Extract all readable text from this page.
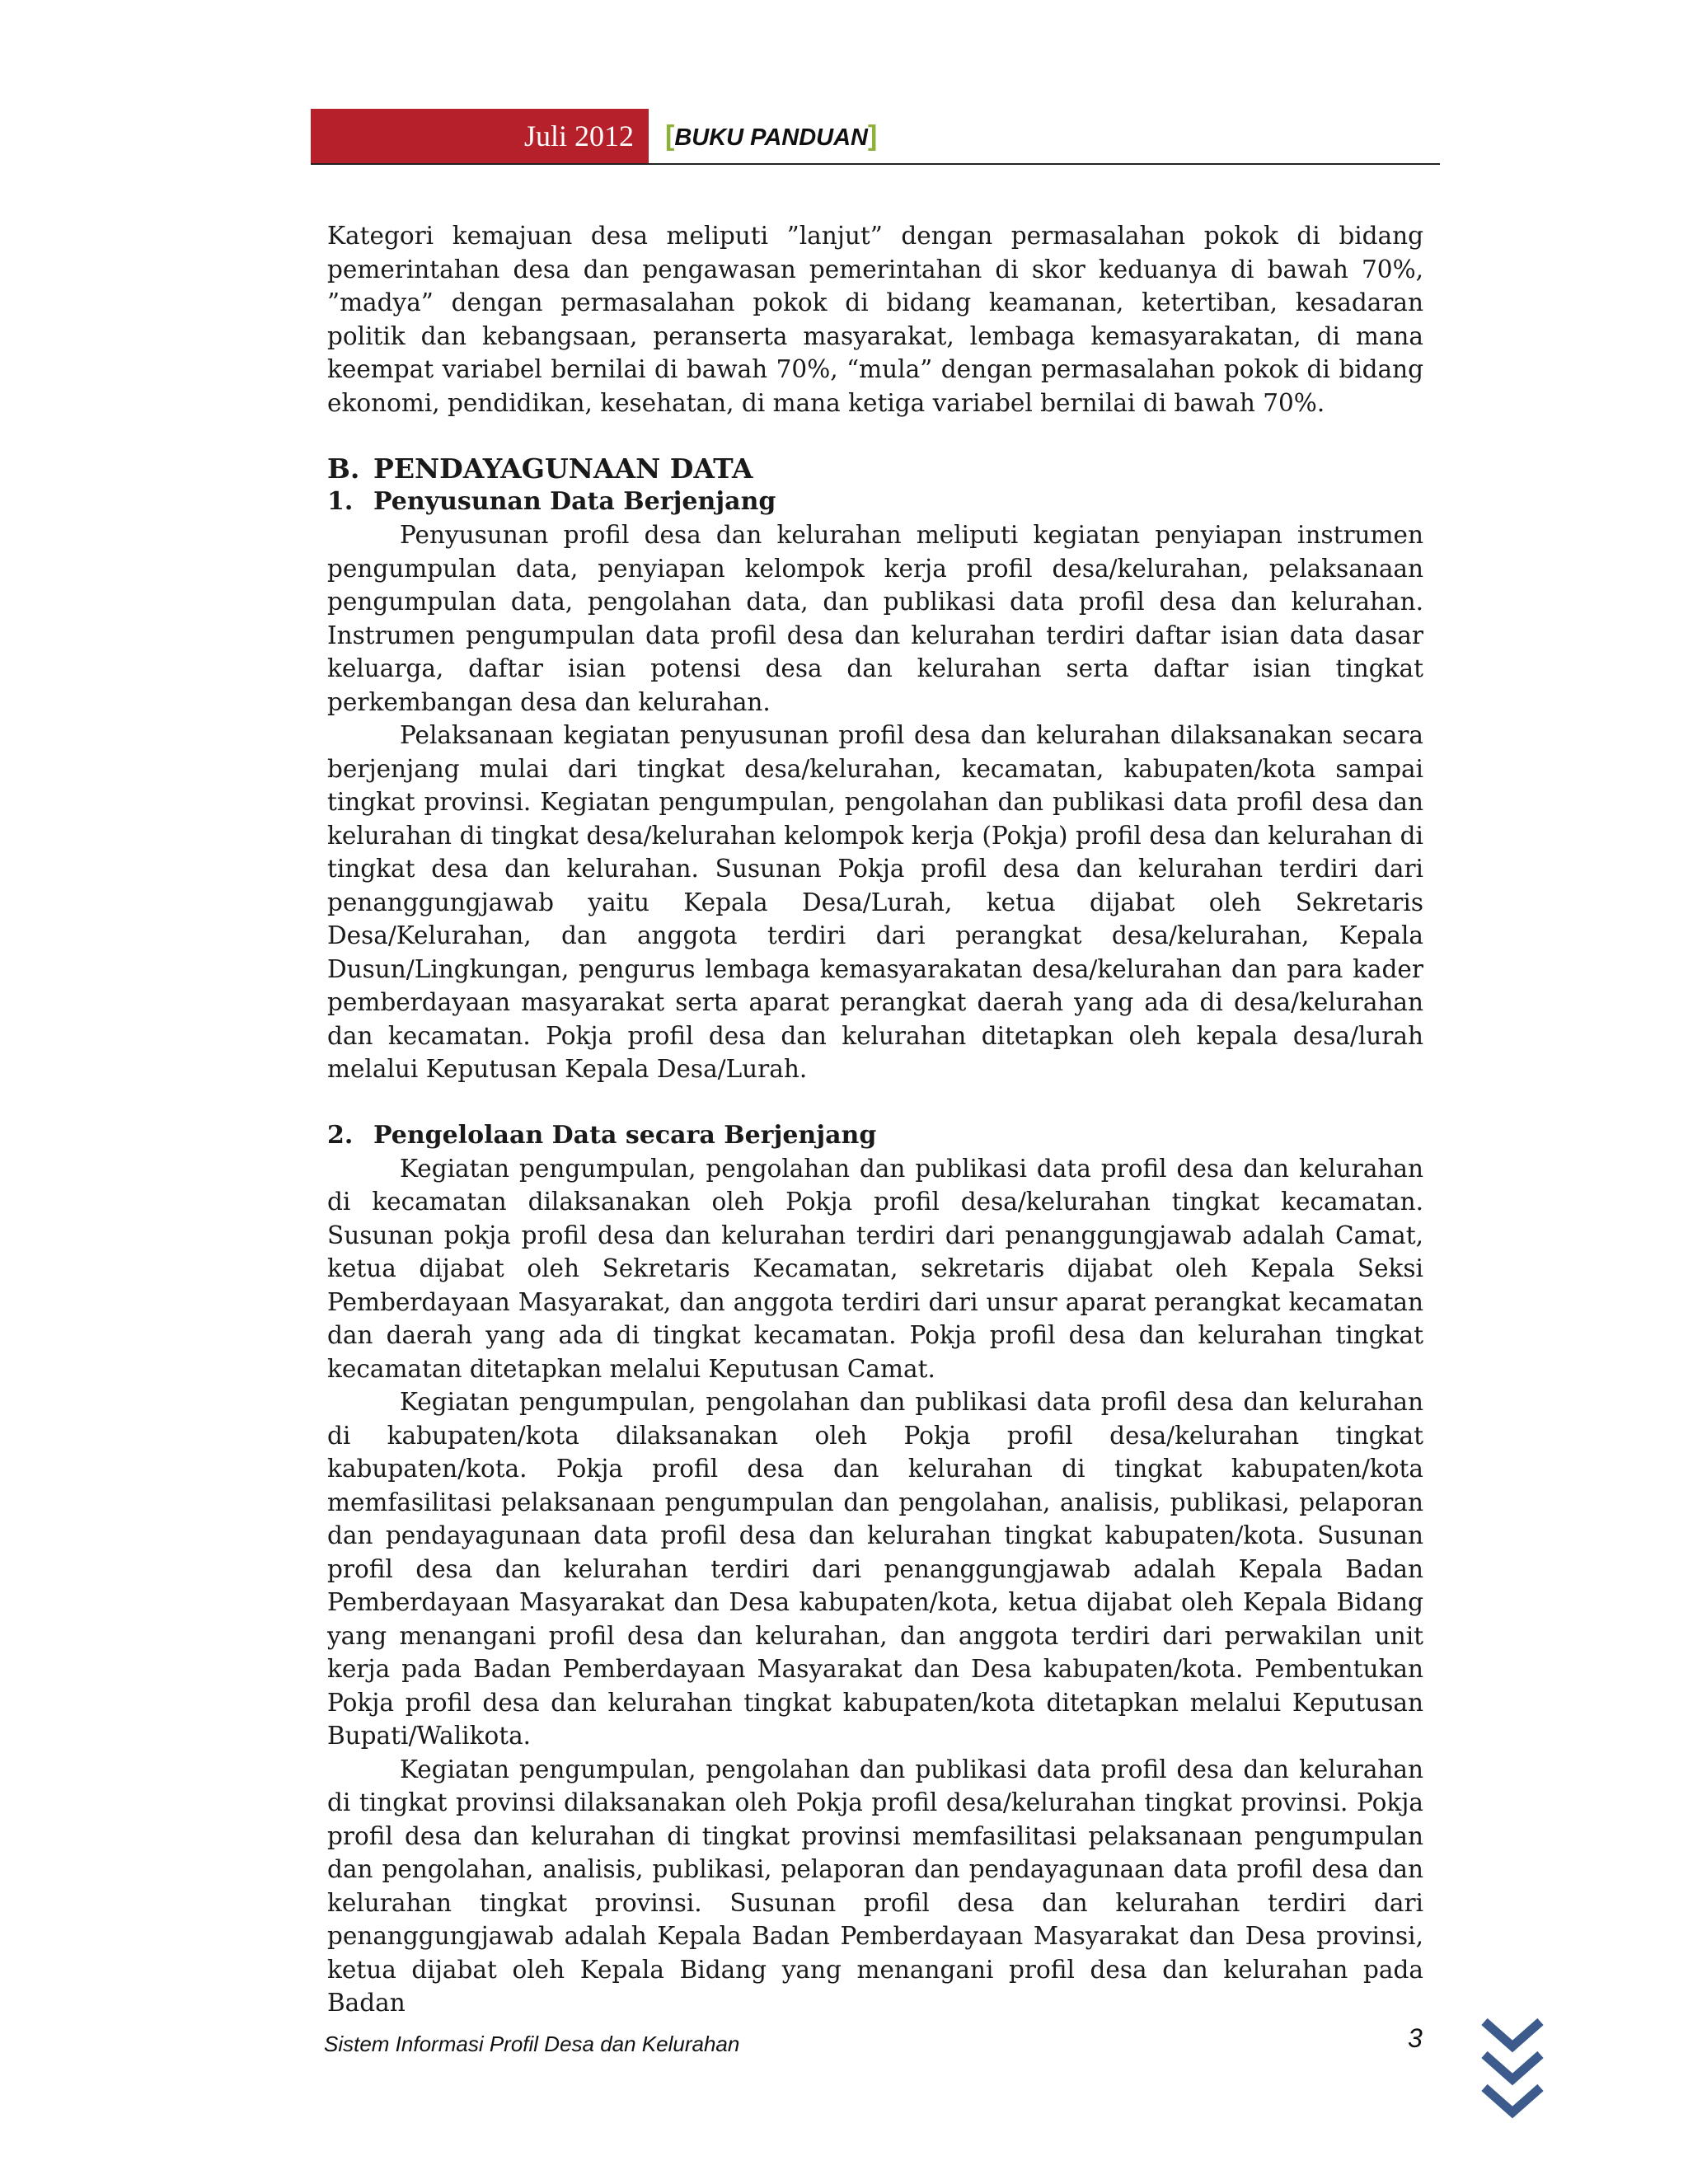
Juli 2012	[BUKU PANDUAN]

Kategori kemajuan desa meliputi ”lanjut” dengan permasalahan pokok di bidang pemerintahan desa dan pengawasan pemerintahan di skor keduanya di bawah 70%, ”madya” dengan permasalahan pokok di bidang keamanan, ketertiban, kesadaran politik dan kebangsaan, peranserta masyarakat, lembaga kemasyarakatan, di mana keempat variabel bernilai di bawah 70%, “mula” dengan permasalahan pokok di bidang ekonomi, pendidikan, kesehatan, di mana ketiga variabel bernilai di bawah 70%.

B. PENDAYAGUNAAN DATA
1. Penyusunan Data Berjenjang

Penyusunan profil desa dan kelurahan meliputi kegiatan penyiapan instrumen pengumpulan data, penyiapan kelompok kerja profil desa/kelurahan, pelaksanaan pengumpulan data, pengolahan data, dan publikasi data profil desa dan kelurahan. Instrumen pengumpulan data profil desa dan kelurahan terdiri daftar isian data dasar keluarga, daftar isian potensi desa dan kelurahan serta daftar isian tingkat perkembangan desa dan kelurahan.

Pelaksanaan kegiatan penyusunan profil desa dan kelurahan dilaksanakan secara berjenjang mulai dari tingkat desa/kelurahan, kecamatan, kabupaten/kota sampai tingkat provinsi. Kegiatan pengumpulan, pengolahan dan publikasi data profil desa dan kelurahan di tingkat desa/kelurahan kelompok kerja (Pokja) profil desa dan kelurahan di tingkat desa dan kelurahan. Susunan Pokja profil desa dan kelurahan terdiri dari penanggungjawab yaitu Kepala Desa/Lurah, ketua dijabat oleh Sekretaris Desa/Kelurahan, dan anggota terdiri dari perangkat desa/kelurahan, Kepala Dusun/Lingkungan, pengurus lembaga kemasyarakatan desa/kelurahan dan para kader pemberdayaan masyarakat serta aparat perangkat daerah yang ada di desa/kelurahan dan kecamatan. Pokja profil desa dan kelurahan ditetapkan oleh kepala desa/lurah melalui Keputusan Kepala Desa/Lurah.

2. Pengelolaan Data secara Berjenjang

Kegiatan pengumpulan, pengolahan dan publikasi data profil desa dan kelurahan di kecamatan dilaksanakan oleh Pokja profil desa/kelurahan tingkat kecamatan. Susunan pokja profil desa dan kelurahan terdiri dari penanggungjawab adalah Camat, ketua dijabat oleh Sekretaris Kecamatan, sekretaris dijabat oleh Kepala Seksi Pemberdayaan Masyarakat, dan anggota terdiri dari unsur aparat perangkat kecamatan dan daerah yang ada di tingkat kecamatan. Pokja profil desa dan kelurahan tingkat kecamatan ditetapkan melalui Keputusan Camat.

Kegiatan pengumpulan, pengolahan dan publikasi data profil desa dan kelurahan di kabupaten/kota dilaksanakan oleh Pokja profil desa/kelurahan tingkat kabupaten/kota. Pokja profil desa dan kelurahan di tingkat kabupaten/kota memfasilitasi pelaksanaan pengumpulan dan pengolahan, analisis, publikasi, pelaporan dan pendayagunaan data profil desa dan kelurahan tingkat kabupaten/kota. Susunan profil desa dan kelurahan terdiri dari penanggungjawab adalah Kepala Badan Pemberdayaan Masyarakat dan Desa kabupaten/kota, ketua dijabat oleh Kepala Bidang yang menangani profil desa dan kelurahan, dan anggota terdiri dari perwakilan unit kerja pada Badan Pemberdayaan Masyarakat dan Desa kabupaten/kota. Pembentukan Pokja profil desa dan kelurahan tingkat kabupaten/kota ditetapkan melalui Keputusan Bupati/Walikota.

Kegiatan pengumpulan, pengolahan dan publikasi data profil desa dan kelurahan di tingkat provinsi dilaksanakan oleh Pokja profil desa/kelurahan tingkat provinsi. Pokja profil desa dan kelurahan di tingkat provinsi memfasilitasi pelaksanaan pengumpulan dan pengolahan, analisis, publikasi, pelaporan dan pendayagunaan data profil desa dan kelurahan tingkat provinsi. Susunan profil desa dan kelurahan terdiri dari penanggungjawab adalah Kepala Badan Pemberdayaan Masyarakat dan Desa provinsi, ketua dijabat oleh Kepala Bidang yang menangani profil desa dan kelurahan pada Badan

Sistem Informasi Profil Desa dan Kelurahan	3
